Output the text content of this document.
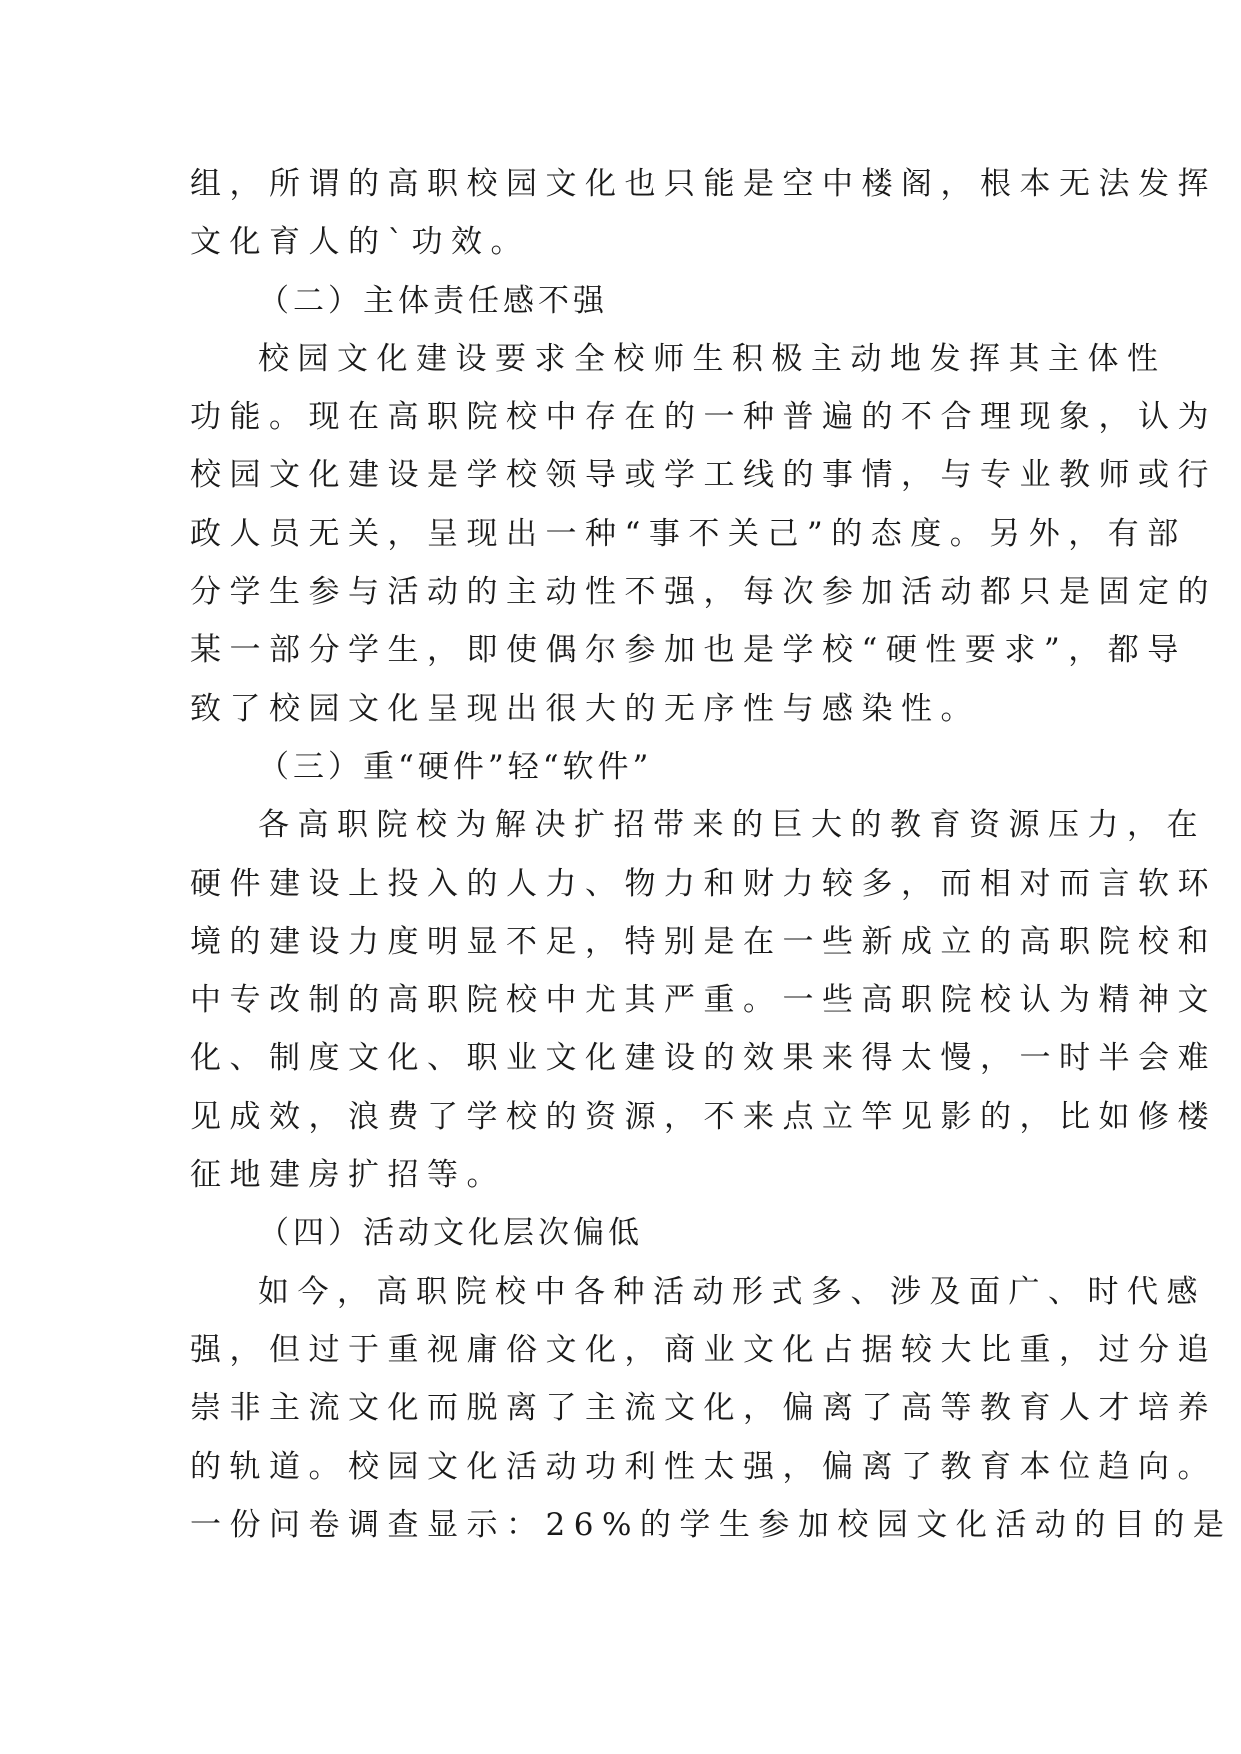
组，所谓的高职校园文化也只能是空中楼阁，根本无法发挥
文化育人的`功效。
（二）主体责任感不强
校园文化建设要求全校师生积极主动地发挥其主体性
功能。现在高职院校中存在的一种普遍的不合理现象，认为
校园文化建设是学校领导或学工线的事情，与专业教师或行
政人员无关，呈现出一种“事不关己”的态度。另外，有部
分学生参与活动的主动性不强，每次参加活动都只是固定的
某一部分学生，即使偶尔参加也是学校“硬性要求”，都导
致了校园文化呈现出很大的无序性与感染性。
（三）重“硬件”轻“软件”
各高职院校为解决扩招带来的巨大的教育资源压力，在
硬件建设上投入的人力、物力和财力较多，而相对而言软环
境的建设力度明显不足，特别是在一些新成立的高职院校和
中专改制的高职院校中尤其严重。一些高职院校认为精神文
化、制度文化、职业文化建设的效果来得太慢，一时半会难
见成效，浪费了学校的资源，不来点立竿见影的，比如修楼
征地建房扩招等。
（四）活动文化层次偏低
如今，高职院校中各种活动形式多、涉及面广、时代感
强，但过于重视庸俗文化，商业文化占据较大比重，过分追
崇非主流文化而脱离了主流文化，偏离了高等教育人才培养
的轨道。校园文化活动功利性太强，偏离了教育本位趋向。
一份问卷调查显示：26%的学生参加校园文化活动的目的是
